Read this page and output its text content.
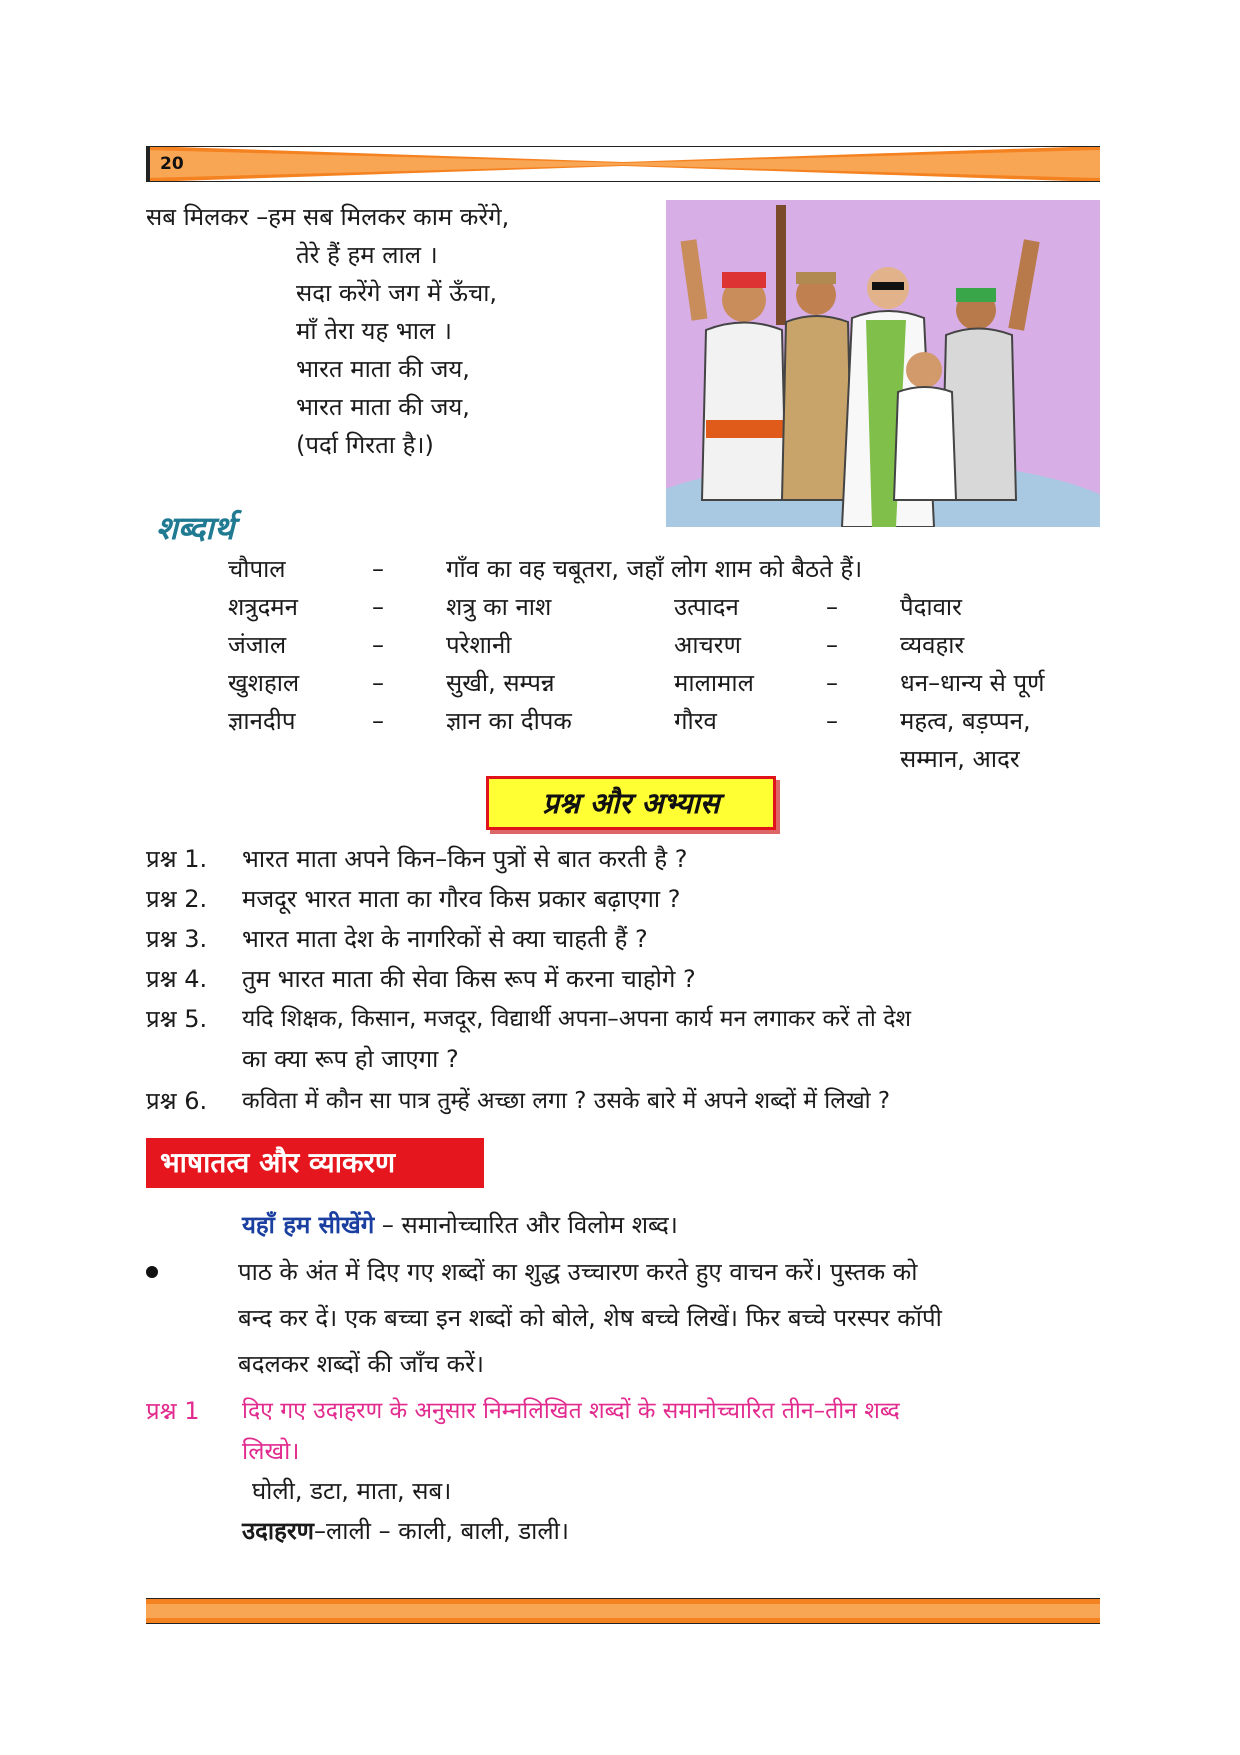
20
सब मिलकर –हम सब मिलकर काम करेंगे,
तेरे हैं हम लाल ।
सदा करेंगे जग में ऊँचा,
माँ तेरा यह भाल ।
भारत माता की जय,
भारत माता की जय,
(पर्दा गिरता है।)
शब्दार्थ
चौपाल	–	गाँव का वह चबूतरा, जहाँ लोग शाम को बैठते हैं।
शत्रुदमन	–	शत्रु का नाश	उत्पादन	–	पैदावार
जंजाल	–	परेशानी	आचरण	–	व्यवहार
खुशहाल	–	सुखी, सम्पन्न	मालामाल	–	धन–धान्य से पूर्ण
ज्ञानदीप	–	ज्ञान का दीपक	गौरव	–	महत्व, बड़प्पन,
सम्मान, आदर
प्रश्न और अभ्यास
प्रश्न 1. भारत माता अपने किन–किन पुत्रों से बात करती है ?
प्रश्न 2. मजदूर भारत माता का गौरव किस प्रकार बढ़ाएगा ?
प्रश्न 3. भारत माता देश के नागरिकों से क्या चाहती हैं ?
प्रश्न 4. तुम भारत माता की सेवा किस रूप में करना चाहोगे ?
प्रश्न 5. यदि शिक्षक, किसान, मजदूर, विद्यार्थी अपना–अपना कार्य मन लगाकर करें तो देश
का क्या रूप हो जाएगा ?
प्रश्न 6. कविता में कौन सा पात्र तुम्हें अच्छा लगा ? उसके बारे में अपने शब्दों में लिखो ?
भाषातत्व और व्याकरण
यहाँ हम सीखेंगे – समानोच्चारित और विलोम शब्द।
पाठ के अंत में दिए गए शब्दों का शुद्ध उच्चारण करते हुए वाचन करें। पुस्तक को
बन्द कर दें। एक बच्चा इन शब्दों को बोले, शेष बच्चे लिखें। फिर बच्चे परस्पर कॉपी
बदलकर शब्दों की जाँच करें।
प्रश्न 1 दिए गए उदाहरण के अनुसार निम्नलिखित शब्दों के समानोच्चारित तीन–तीन शब्द
लिखो।
घोली, डटा, माता, सब।
उदाहरण–लाली – काली, बाली, डाली।
